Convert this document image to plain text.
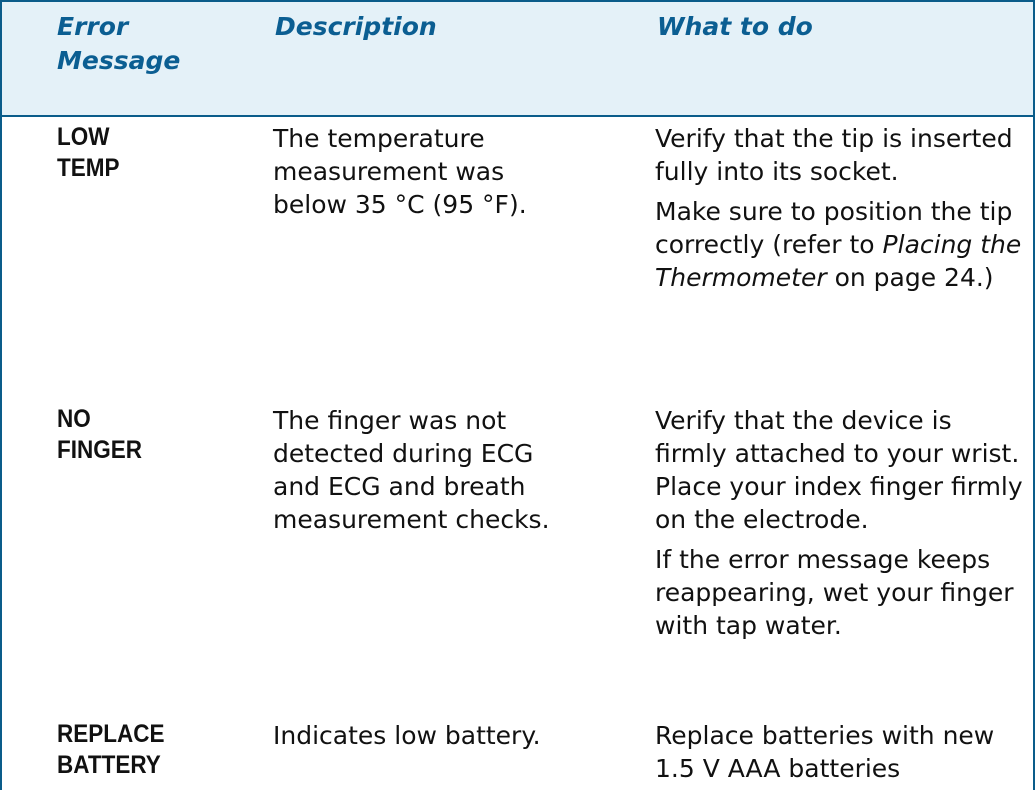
Error Message
Description	What to do
LOW
TEMP
The temperature measurement was below 35 °C (95 °F).

Verify that the tip is inserted fully into its socket.

Make sure to position the tip correctly (refer to Placing the Thermometer on page 24.)

NO
FINGER
The finger was not detected during ECG and ECG and breath measurement checks.

Verify that the device is firmly attached to your wrist. Place your index finger firmly on the electrode.

If the error message keeps reappearing, wet your finger with tap water.

REPLACE
BATTERY
Indicates low battery.	Replace batteries with new 1.5 V AAA batteries
